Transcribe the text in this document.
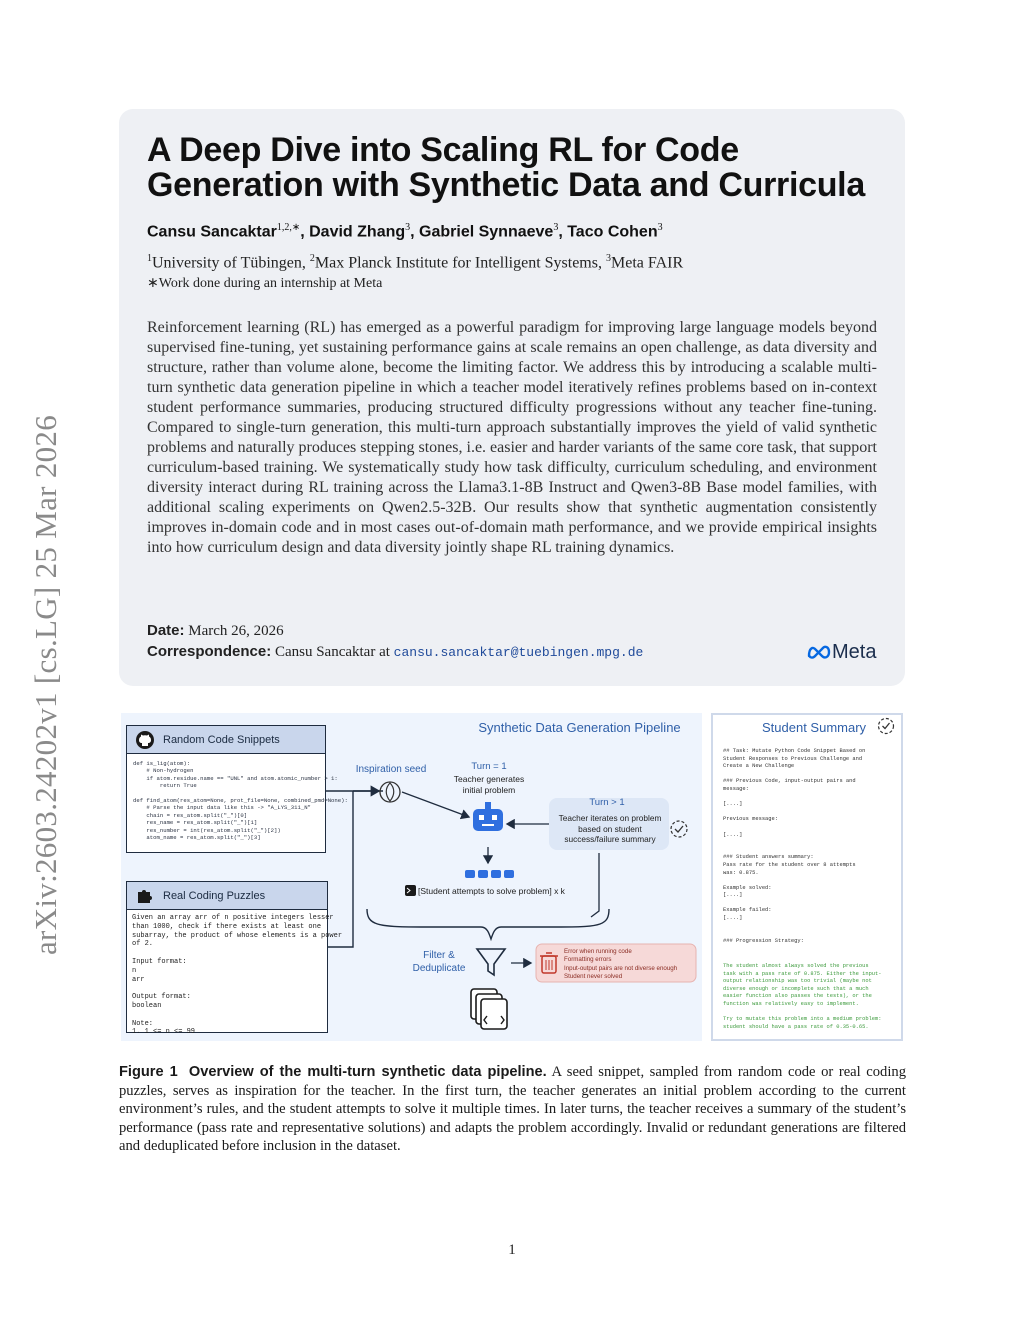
arXiv:2603.24202v1 [cs.LG] 25 Mar 2026
A Deep Dive into Scaling RL for Code Generation with Synthetic Data and Curricula
Cansu Sancaktar$^{1,2,∗}$, David Zhang$^3$, Gabriel Synnaeve$^3$, Taco Cohen$^3$
$^1$University of Tübingen, $^2$Max Planck Institute for Intelligent Systems, $^3$Meta FAIR
∗Work done during an internship at Meta
Reinforcement learning (RL) has emerged as a powerful paradigm for improving large language models beyond supervised fine-tuning, yet sustaining performance gains at scale remains an open challenge, as data diversity and structure, rather than volume alone, become the limiting factor. We address this by introducing a scalable multi-turn synthetic data generation pipeline in which a teacher model iteratively refines problems based on in-context student performance summaries, producing structured difficulty progressions without any teacher fine-tuning. Compared to single-turn generation, this multi-turn approach substantially improves the yield of valid synthetic problems and naturally produces stepping stones, i.e. easier and harder variants of the same core task, that support curriculum-based training. We systematically study how task difficulty, curriculum scheduling, and environment diversity interact during RL training across the Llama3.1-8B Instruct and Qwen3-8B Base model families, with additional scaling experiments on Qwen2.5-32B. Our results show that synthetic augmentation consistently improves in-domain code and in most cases out-of-domain math performance, and we provide empirical insights into how curriculum design and data diversity jointly shape RL training dynamics.
Date: March 26, 2026
Correspondence: Cansu Sancaktar at cansu.sancaktar@tuebingen.mpg.de	Meta
Random Code Snippets
def is_lig(atom):
# Non-hydrogen
if atom.residue.name == "UNL" and atom.atomic_number >
return True

def find_atom(res_atom=None, prot_file=None, combined_pmd=None):
# Parse the input data like this -> "A_LYS_311_N"
chain = res_atom.split("_")[0]
res_name = res_atom.split("_")[1]
res_number = int(res_atom.split("_")[2])
atom_name = res_atom.split("_")[3]
Real Coding Puzzles
Given an array arr of n positive integers lesser
than 1000, check if there exists at least one
subarray, the product of whose elements is a power
of 2.

Input format:
n
arr

Output format:
boolean

Note:
1. 1 <= n <= 99
Synthetic Data Generation Pipeline
Inspiration seed	Turn = 1
Teacher generates
initial problem
Turn > 1
Teacher iterates on problem
based on student
success/failure summary
[Student attempts to solve problem] x k
Filter &
Deduplicate
Error when running code
Formatting errors
Input-output pairs are not diverse enough
Student never solved
Student Summary
## Task: Mutate Python Code Snippet Based on
Student Responses to Previous Challenge and
Create a New Challenge

### Previous Code, input-output pairs and
message:

[....]

Previous message:

[....]

### Student answers summary:
Pass rate for the student over 8 attempts
was: 0.875.

Example solved:
[....]

Example failed:
[....]

### Progression Strategy:

The student almost always solved the previous
task with a pass rate of 0.875. Either the input-
output relationship was too trivial (maybe not
diverse enough or incomplete such that a much
easier function also passes the tests), or the
function was relatively easy to implement.

Try to mutate this problem into a medium problem:
student should have a pass rate of 0.35-0.65.
Figure 1 Overview of the multi-turn synthetic data pipeline. A seed snippet, sampled from random code or real coding puzzles, serves as inspiration for the teacher. In the first turn, the teacher generates an initial problem according to the current environment’s rules, and the student attempts to solve it multiple times. In later turns, the teacher receives a summary of the student’s performance (pass rate and representative solutions) and adapts the problem accordingly. Invalid or redundant generations are filtered and deduplicated before inclusion in the dataset.
1
